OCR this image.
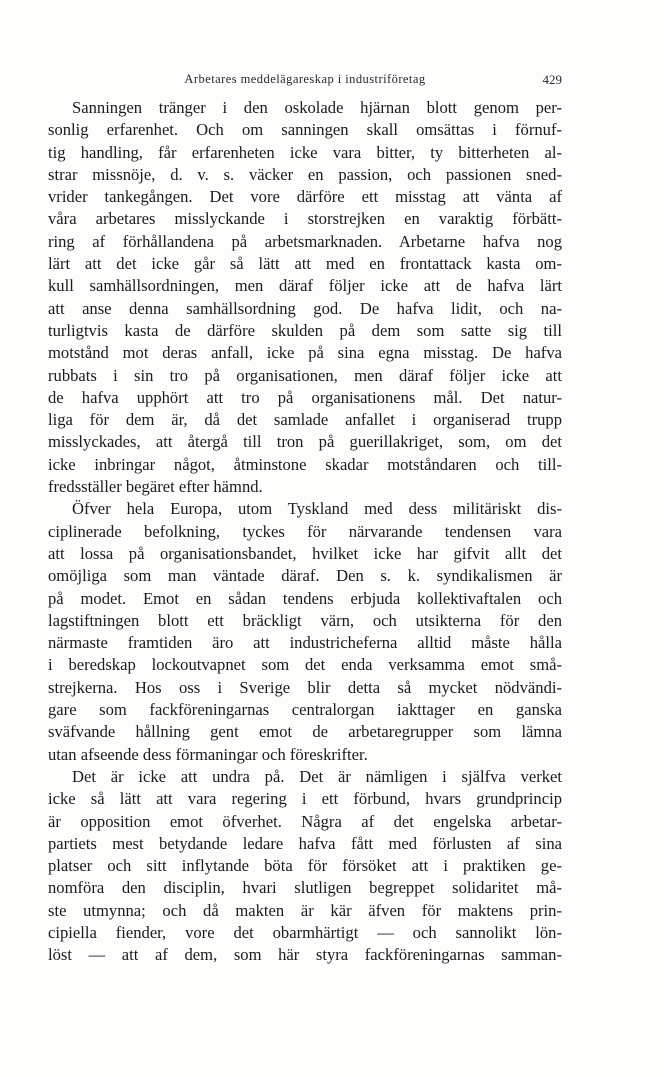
Arbetares meddelägareskap i industriföretag	429
Sanningen tränger i den oskolade hjärnan blott genom per-
sonlig erfarenhet. Och om sanningen skall omsättas i förnuf-
tig handling, får erfarenheten icke vara bitter, ty bitterheten al-
strar missnöje, d. v. s. väcker en passion, och passionen sned-
vrider tankegången. Det vore därföre ett misstag att vänta af
våra arbetares misslyckande i storstrejken en varaktig förbätt-
ring af förhållandena på arbetsmarknaden. Arbetarne hafva nog
lärt att det icke går så lätt att med en frontattack kasta om-
kull samhällsordningen, men däraf följer icke att de hafva lärt
att anse denna samhällsordning god. De hafva lidit, och na-
turligtvis kasta de därföre skulden på dem som satte sig till
motstånd mot deras anfall, icke på sina egna misstag. De hafva
rubbats i sin tro på organisationen, men däraf följer icke att
de hafva upphört att tro på organisationens mål. Det natur-
liga för dem är, då det samlade anfallet i organiserad trupp
misslyckades, att återgå till tron på guerillakriget, som, om det
icke inbringar något, åtminstone skadar motståndaren och till-
fredsställer begäret efter hämnd.
Öfver hela Europa, utom Tyskland med dess militäriskt dis-
ciplinerade befolkning, tyckes för närvarande tendensen vara
att lossa på organisationsbandet, hvilket icke har gifvit allt det
omöjliga som man väntade däraf. Den s. k. syndikalismen är
på modet. Emot en sådan tendens erbjuda kollektivaftalen och
lagstiftningen blott ett bräckligt värn, och utsikterna för den
närmaste framtiden äro att industricheferna alltid måste hålla
i beredskap lockoutvapnet som det enda verksamma emot små-
strejkerna. Hos oss i Sverige blir detta så mycket nödvändi-
gare som fackföreningarnas centralorgan iakttager en ganska
sväfvande hållning gent emot de arbetaregrupper som lämna
utan afseende dess förmaningar och föreskrifter.
Det är icke att undra på. Det är nämligen i själfva verket
icke så lätt att vara regering i ett förbund, hvars grundprincip
är opposition emot öfverhet. Några af det engelska arbetar-
partiets mest betydande ledare hafva fått med förlusten af sina
platser och sitt inflytande böta för försöket att i praktiken ge-
nomföra den disciplin, hvari slutligen begreppet solidaritet må-
ste utmynna; och då makten är kär äfven för maktens prin-
cipiella fiender, vore det obarmhärtigt — och sannolikt lön-
löst — att af dem, som här styra fackföreningarnas samman-
